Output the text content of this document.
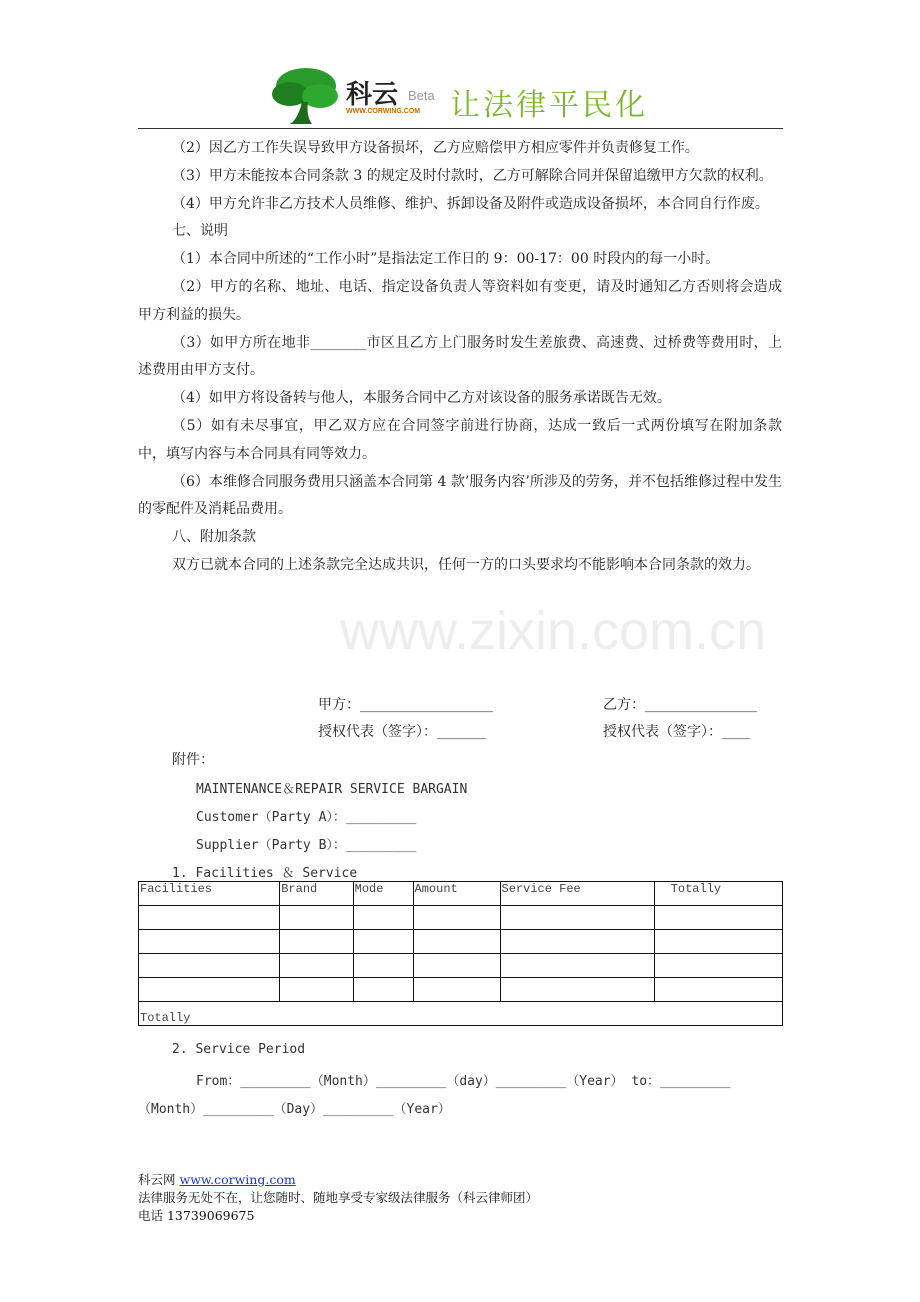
科云 Beta
WWW.CORWING.COM 让法律平民化
www.zixin.com.cn

（2）因乙方工作失误导致甲方设备损坏，乙方应赔偿甲方相应零件并负责修复工作。

（3）甲方未能按本合同条款 3 的规定及时付款时，乙方可解除合同并保留追缴甲方欠款的权利。

（4）甲方允许非乙方技术人员维修、维护、拆卸设备及附件或造成设备损坏，本合同自行作废。

七、说明

（1）本合同中所述的“工作小时”是指法定工作日的 9：00-17：00 时段内的每一小时。

（2）甲方的名称、地址、电话、指定设备负责人等资料如有变更，请及时通知乙方否则将会造成甲方利益的损失。

（3）如甲方所在地非________市区且乙方上门服务时发生差旅费、高速费、过桥费等费用时，上述费用由甲方支付。

（4）如甲方将设备转与他人，本服务合同中乙方对该设备的服务承诺既告无效。

（5）如有未尽事宜，甲乙双方应在合同签字前进行协商，达成一致后一式两份填写在附加条款中，填写内容与本合同具有同等效力。

（6）本维修合同服务费用只涵盖本合同第 4 款’服务内容’所涉及的劳务，并不包括维修过程中发生的零配件及消耗品费用。

八、附加条款

双方已就本合同的上述条款完全达成共识，任何一方的口头要求均不能影响本合同条款的效力。

甲方：___________________	乙方：________________
授权代表（签字）：_______	授权代表（签字）：____
附件：
MAINTENANCE＆REPAIR SERVICE BARGAIN
Customer（Party A）：_________
Supplier（Party B）：_________
1. Facilities ＆ Service
Facilities	Brand	Mode	Amount	Service Fee	Totally

Totally					
2. Service Period
From：_________（Month）_________（day）_________（Year） to：_________
（Month）_________（Day）_________（Year）
科云网 www.corwing.com
法律服务无处不在，让您随时、随地享受专家级法律服务（科云律师团）
电话 13739069675
